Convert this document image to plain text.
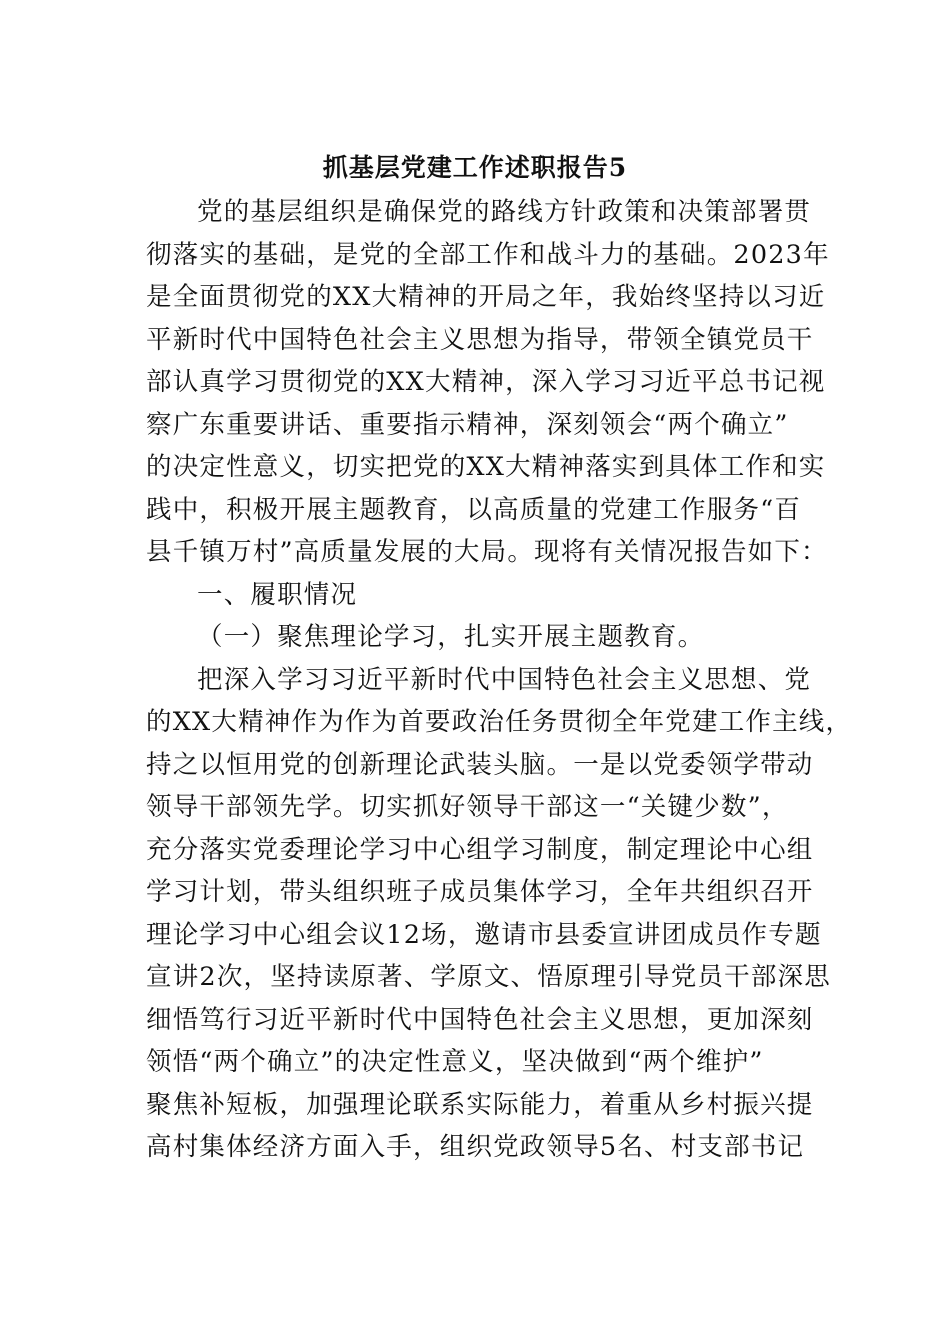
抓基层党建工作述职报告5

党的基层组织是确保党的路线方针政策和决策部署贯
彻落实的基础，是党的全部工作和战斗力的基础。2023年
是全面贯彻党的XX大精神的开局之年，我始终坚持以习近
平新时代中国特色社会主义思想为指导，带领全镇党员干
部认真学习贯彻党的XX大精神，深入学习习近平总书记视
察广东重要讲话、重要指示精神，深刻领会“两个确立”
的决定性意义，切实把党的XX大精神落实到具体工作和实
践中，积极开展主题教育，以高质量的党建工作服务“百
县千镇万村”高质量发展的大局。现将有关情况报告如下：

一、履职情况

（一）聚焦理论学习，扎实开展主题教育。

把深入学习习近平新时代中国特色社会主义思想、党
的XX大精神作为作为首要政治任务贯彻全年党建工作主线，
持之以恒用党的创新理论武装头脑。一是以党委领学带动
领导干部领先学。切实抓好领导干部这一“关键少数”，
充分落实党委理论学习中心组学习制度，制定理论中心组
学习计划，带头组织班子成员集体学习，全年共组织召开
理论学习中心组会议12场，邀请市县委宣讲团成员作专题
宣讲2次，坚持读原著、学原文、悟原理引导党员干部深思
细悟笃行习近平新时代中国特色社会主义思想，更加深刻
领悟“两个确立”的决定性意义，坚决做到“两个维护”
聚焦补短板，加强理论联系实际能力，着重从乡村振兴提
高村集体经济方面入手，组织党政领导5名、村支部书记
